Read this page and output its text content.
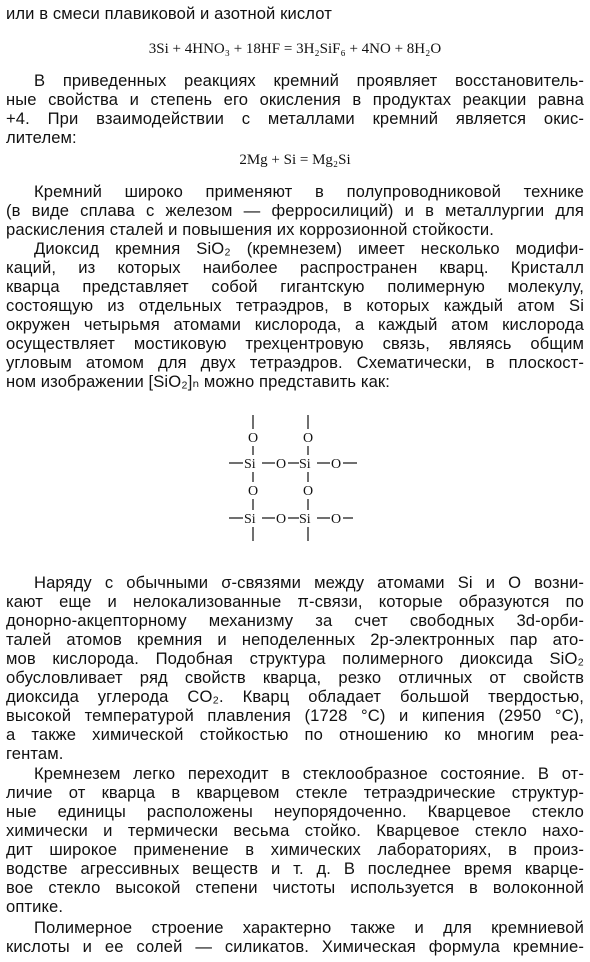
или в смеси плавиковой и азотной кислот
3Si + 4HNO₃ + 18HF = 3H₂SiF₆ + 4NO + 8H₂O
В приведенных реакциях кремний проявляет восстановитель-
ные свойства и степень его окисления в продуктах реакции равна
+4. При взаимодействии с металлами кремний является окис-
лителем:
2Mg + Si = Mg₂Si
Кремний широко применяют в полупроводниковой технике
(в виде сплава с железом — ферросилиций) и в металлургии для
раскисления сталей и повышения их коррозионной стойкости.
Диоксид кремния SiO₂ (кремнезем) имеет несколько модифи-
каций, из которых наиболее распространен кварц. Кристалл
кварца представляет собой гигантскую полимерную молекулу,
состоящую из отдельных тетраэдров, в которых каждый атом Si
окружен четырьмя атомами кислорода, а каждый атом кислорода
осуществляет мостиковую трехцентровую связь, являясь общим
угловым атомом для двух тетраэдров. Схематически, в плоскост-
ном изображении [SiO₂]ₙ можно представить как:
O	O
Si O Si O
O	O
Si O Si O
Наряду с обычными σ-связями между атомами Si и O возни-
кают еще и нелокализованные π-связи, которые образуются по
донорно-акцепторному механизму за счет свободных 3d-орби-
талей атомов кремния и неподеленных 2p-электронных пар ато-
мов кислорода. Подобная структура полимерного диоксида SiO₂
обусловливает ряд свойств кварца, резко отличных от свойств
диоксида углерода CO₂. Кварц обладает большой твердостью,
высокой температурой плавления (1728 °C) и кипения (2950 °C),
а также химической стойкостью по отношению ко многим реа-
гентам.
Кремнезем легко переходит в стеклообразное состояние. В от-
личие от кварца в кварцевом стекле тетраэдрические структур-
ные единицы расположены неупорядоченно. Кварцевое стекло
химически и термически весьма стойко. Кварцевое стекло нахо-
дит широкое применение в химических лабораториях, в произ-
водстве агрессивных веществ и т. д. В последнее время кварце-
вое стекло высокой степени чистоты используется в волоконной
оптике.
Полимерное строение характерно также и для кремниевой
кислоты и ее солей — силикатов. Химическая формула кремние-
